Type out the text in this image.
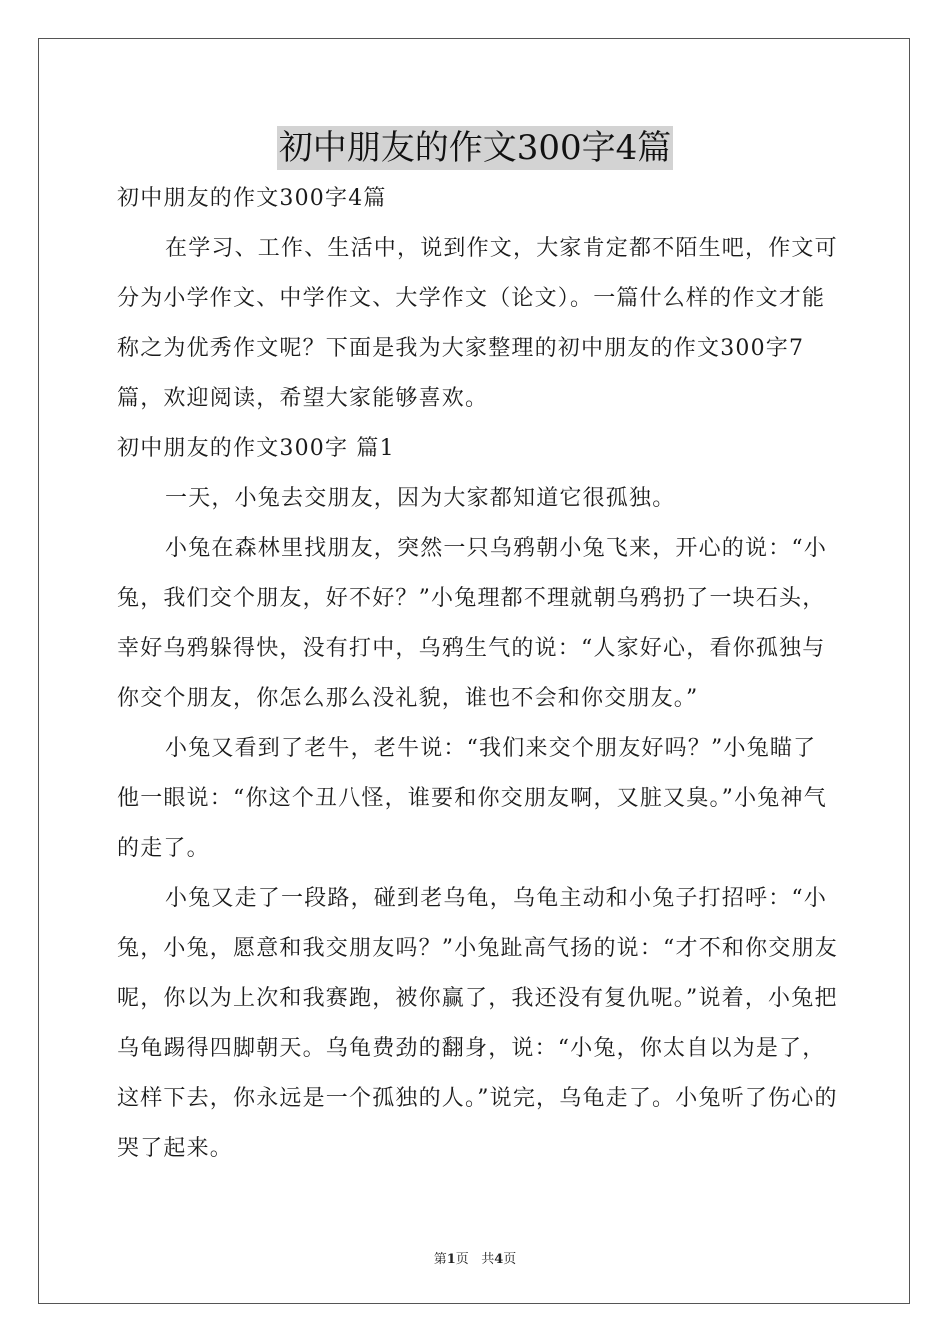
初中朋友的作文300字4篇

初中朋友的作文300字4篇

在学习、工作、生活中，说到作文，大家肯定都不陌生吧，作文可分为小学作文、中学作文、大学作文（论文）。一篇什么样的作文才能称之为优秀作文呢？下面是我为大家整理的初中朋友的作文300字7篇，欢迎阅读，希望大家能够喜欢。

初中朋友的作文300字 篇1

一天，小兔去交朋友，因为大家都知道它很孤独。

小兔在森林里找朋友，突然一只乌鸦朝小兔飞来，开心的说：“小兔，我们交个朋友，好不好？”小兔理都不理就朝乌鸦扔了一块石头，幸好乌鸦躲得快，没有打中，乌鸦生气的说：“人家好心，看你孤独与你交个朋友，你怎么那么没礼貌，谁也不会和你交朋友。”

小兔又看到了老牛，老牛说：“我们来交个朋友好吗？”小兔瞄了他一眼说：“你这个丑八怪，谁要和你交朋友啊，又脏又臭。”小兔神气的走了。

小兔又走了一段路，碰到老乌龟，乌龟主动和小兔子打招呼：“小兔，小兔，愿意和我交朋友吗？”小兔趾高气扬的说：“才不和你交朋友呢，你以为上次和我赛跑，被你赢了，我还没有复仇呢。”说着，小兔把乌龟踢得四脚朝天。乌龟费劲的翻身，说：“小兔，你太自以为是了，这样下去，你永远是一个孤独的人。”说完，乌龟走了。小兔听了伤心的哭了起来。

第1页 共4页
